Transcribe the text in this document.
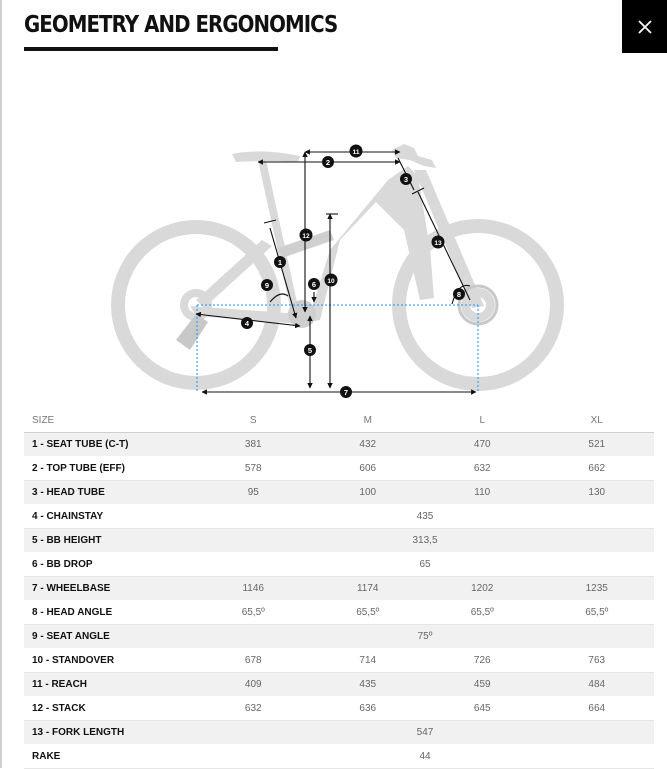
GEOMETRY AND ERGONOMICS
1
2
3
4
5
6
7
8
9	10
11
12
13
SIZE	S	M	L	XL
1 - SEAT TUBE (C-T)	381	432	470	521
2 - TOP TUBE (EFF)	578	606	632	662
3 - HEAD TUBE	95	100	110	130
4 - CHAINSTAY	435			
5 - BB HEIGHT	313,5			
6 - BB DROP	65			
7 - WHEELBASE	1146	1174	1202	1235
8 - HEAD ANGLE	65,5º	65,5º	65,5º	65,5º
9 - SEAT ANGLE	75º			
10 - STANDOVER	678	714	726	763
11 - REACH	409	435	459	484
12 - STACK	632	636	645	664
13 - FORK LENGTH	547			
RAKE	44			
